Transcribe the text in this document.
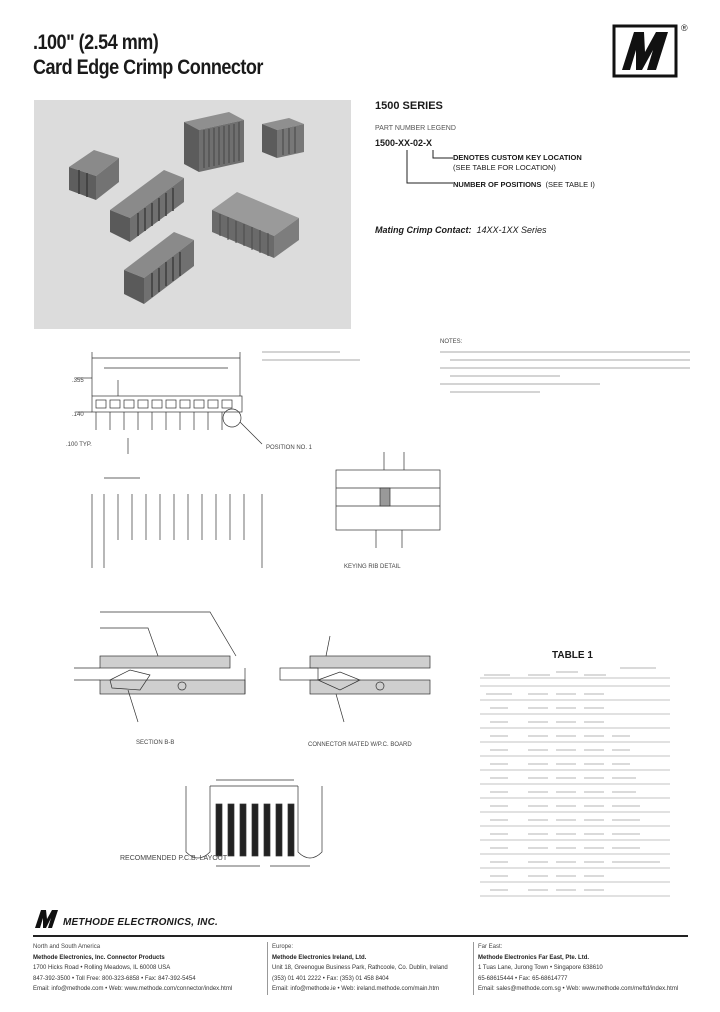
.100" (2.54 mm)
Card Edge Crimp Connector
®
1500 SERIES
PART NUMBER LEGEND
1500-XX-02-X
DENOTES CUSTOM KEY LOCATION
(SEE TABLE FOR LOCATION)
NUMBER OF POSITIONS (SEE TABLE I)
Mating Crimp Contact: 14XX-1XX Series
.355
.140
.100 TYP.	POSITION NO. 1
KEYING RIB DETAIL
SECTION B-B	CONNECTOR MATED W/P.C. BOARD
RECOMMENDED P.C.B. LAYOUT
NOTES:
TABLE 1
METHODE ELECTRONICS, INC.
North and South America
Methode Electronics, Inc. Connector Products
1700 Hicks Road • Rolling Meadows, IL 60008 USA
847-392-3500 • Toll Free: 800-323-6858 • Fax: 847-392-5454
Email: info@methode.com • Web: www.methode.com/connector/index.html
Europe:
Methode Electronics Ireland, Ltd.
Unit 18, Greenogue Business Park, Rathcoole, Co. Dublin, Ireland
(353) 01 401 2222 • Fax: (353) 01 458 8404
Email: info@methode.ie • Web: ireland.methode.com/main.htm
Far East:
Methode Electronics Far East, Pte. Ltd.
1 Tuas Lane, Jurong Town • Singapore 638610
65-68615444 • Fax: 65-68614777
Email: sales@methode.com.sg • Web: www.methode.com/meftd/index.html
